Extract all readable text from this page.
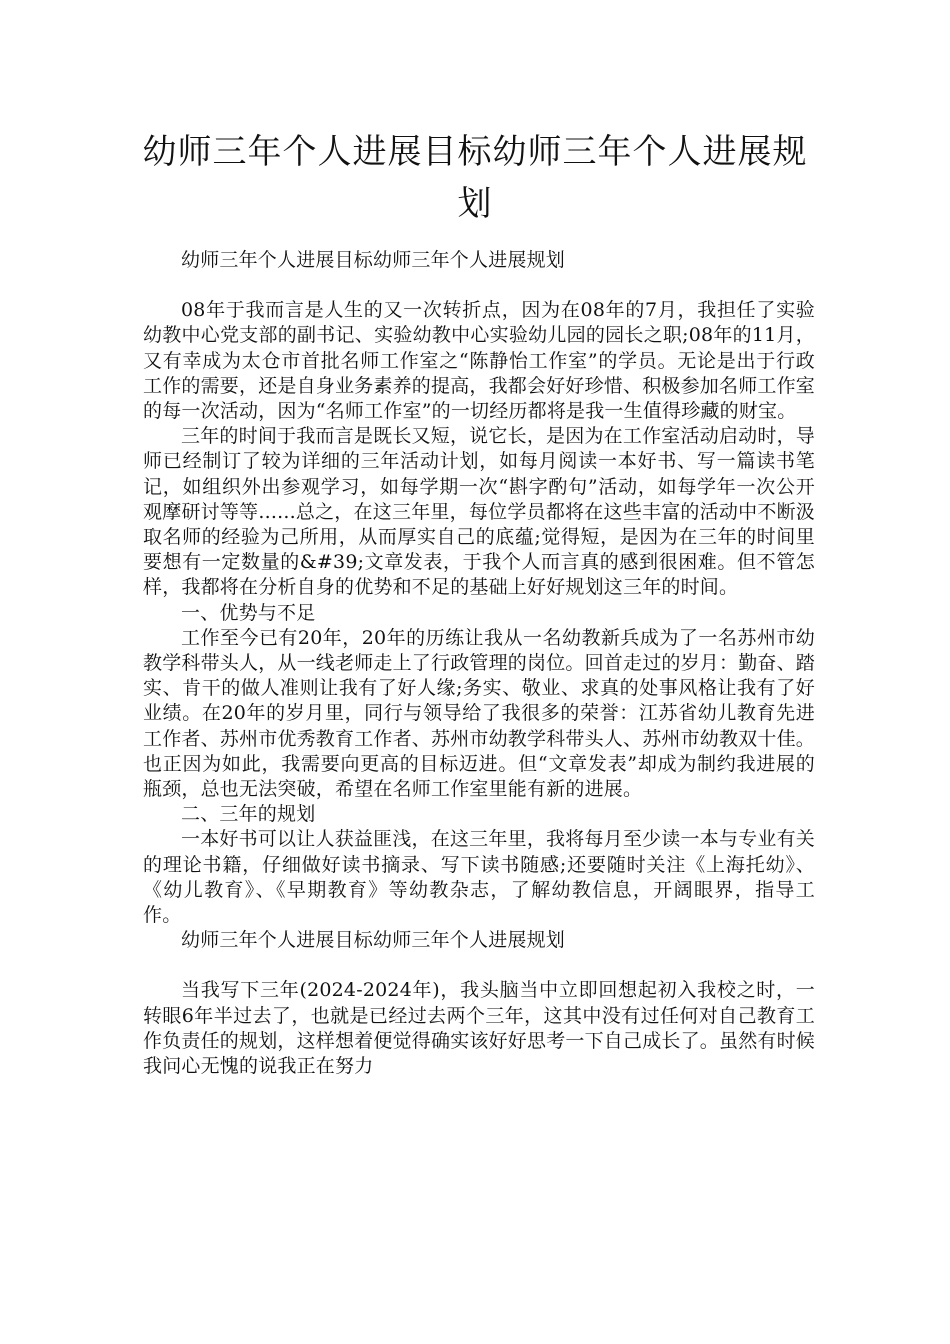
幼师三年个人进展目标幼师三年个人进展规划

幼师三年个人进展目标幼师三年个人进展规划

08年于我而言是人生的又一次转折点，因为在08年的7月，我担任了实验幼教中心党支部的副书记、实验幼教中心实验幼儿园的园长之职;08年的11月，又有幸成为太仓市首批名师工作室之“陈静怡工作室”的学员。无论是出于行政工作的需要，还是自身业务素养的提高，我都会好好珍惜、积极参加名师工作室的每一次活动，因为“名师工作室”的一切经历都将是我一生值得珍藏的财宝。

三年的时间于我而言是既长又短，说它长，是因为在工作室活动启动时，导师已经制订了较为详细的三年活动计划，如每月阅读一本好书、写一篇读书笔记，如组织外出参观学习，如每学期一次“斟字酌句”活动，如每学年一次公开观摩研讨等等......总之，在这三年里，每位学员都将在这些丰富的活动中不断汲取名师的经验为己所用，从而厚实自己的底蕴;觉得短，是因为在三年的时间里要想有一定数量的&#39;文章发表，于我个人而言真的感到很困难。但不管怎样，我都将在分析自身的优势和不足的基础上好好规划这三年的时间。

一、优势与不足

工作至今已有20年，20年的历练让我从一名幼教新兵成为了一名苏州市幼教学科带头人，从一线老师走上了行政管理的岗位。回首走过的岁月：勤奋、踏实、肯干的做人准则让我有了好人缘;务实、敬业、求真的处事风格让我有了好业绩。在20年的岁月里，同行与领导给了我很多的荣誉：江苏省幼儿教育先进工作者、苏州市优秀教育工作者、苏州市幼教学科带头人、苏州市幼教双十佳。也正因为如此，我需要向更高的目标迈进。但“文章发表”却成为制约我进展的瓶颈，总也无法突破，希望在名师工作室里能有新的进展。

二、三年的规划

一本好书可以让人获益匪浅，在这三年里，我将每月至少读一本与专业有关的理论书籍，仔细做好读书摘录、写下读书随感;还要随时关注《上海托幼》、《幼儿教育》、《早期教育》等幼教杂志，了解幼教信息，开阔眼界，指导工作。

幼师三年个人进展目标幼师三年个人进展规划

当我写下三年(2024-2024年)，我头脑当中立即回想起初入我校之时，一转眼6年半过去了，也就是已经过去两个三年，这其中没有过任何对自己教育工作负责任的规划，这样想着便觉得确实该好好思考一下自己成长了。虽然有时候我问心无愧的说我正在努力
